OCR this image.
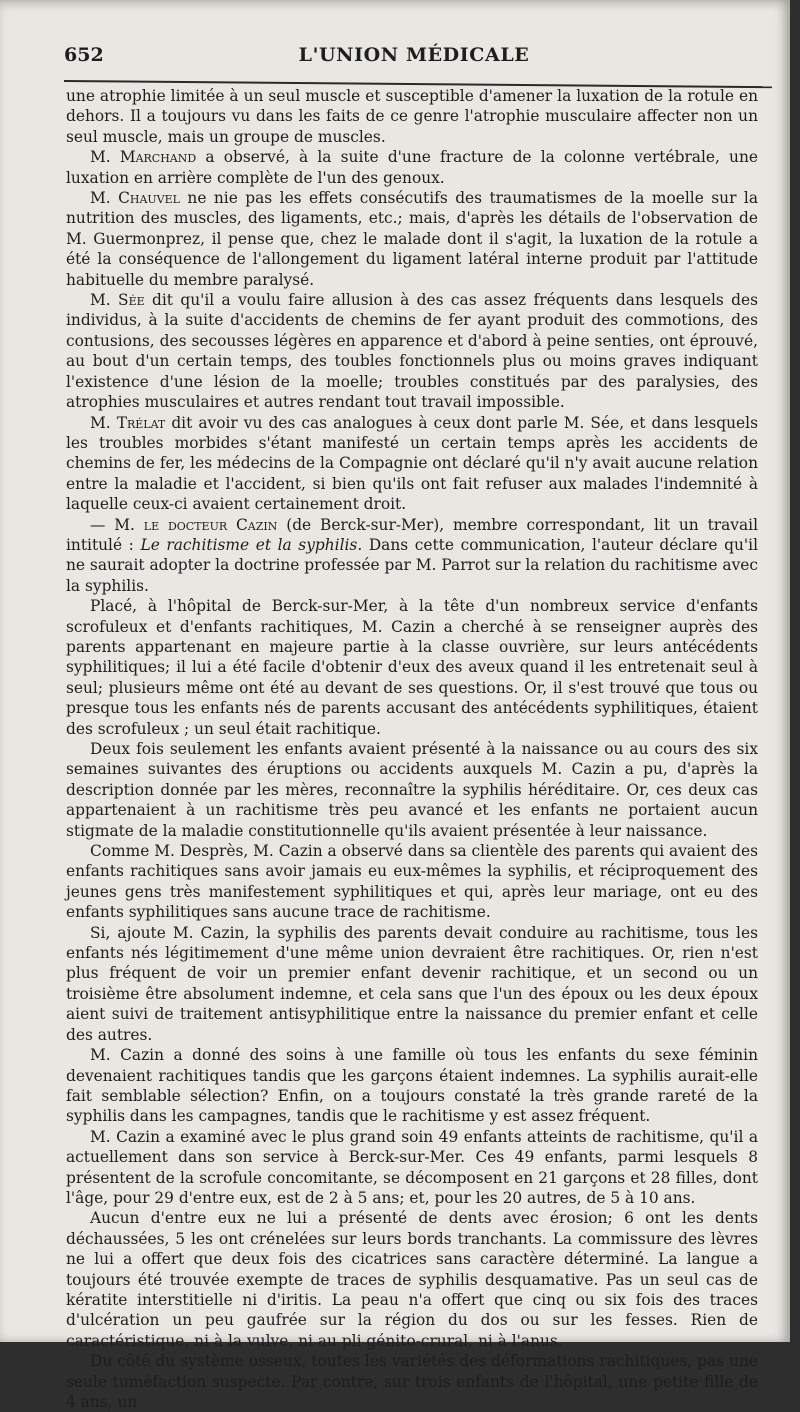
652	L'UNION MÉDICALE

une atrophie limitée à un seul muscle et susceptible d'amener la luxation de la rotule en dehors. Il a toujours vu dans les faits de ce genre l'atrophie musculaire affecter non un seul muscle, mais un groupe de muscles.

M. Marchand a observé, à la suite d'une fracture de la colonne vertébrale, une luxation en arrière complète de l'un des genoux.

M. Chauvel ne nie pas les effets consécutifs des traumatismes de la moelle sur la nutrition des muscles, des ligaments, etc.; mais, d'après les détails de l'observation de M. Guermonprez, il pense que, chez le malade dont il s'agit, la luxation de la rotule a été la conséquence de l'allongement du ligament latéral interne produit par l'attitude habituelle du membre paralysé.

M. Sée dit qu'il a voulu faire allusion à des cas assez fréquents dans lesquels des individus, à la suite d'accidents de chemins de fer ayant produit des commotions, des contusions, des secousses légères en apparence et d'abord à peine senties, ont éprouvé, au bout d'un certain temps, des toubles fonctionnels plus ou moins graves indiquant l'existence d'une lésion de la moelle; troubles constitués par des paralysies, des atrophies musculaires et autres rendant tout travail impossible.

M. Trélat dit avoir vu des cas analogues à ceux dont parle M. Sée, et dans lesquels les troubles morbides s'étant manifesté un certain temps après les accidents de chemins de fer, les médecins de la Compagnie ont déclaré qu'il n'y avait aucune relation entre la maladie et l'accident, si bien qu'ils ont fait refuser aux malades l'indemnité à laquelle ceux-ci avaient certainement droit.

— M. le docteur Cazin (de Berck-sur-Mer), membre correspondant, lit un travail intitulé : Le rachitisme et la syphilis. Dans cette communication, l'auteur déclare qu'il ne saurait adopter la doctrine professée par M. Parrot sur la relation du rachitisme avec la syphilis.

Placé, à l'hôpital de Berck-sur-Mer, à la tête d'un nombreux service d'enfants scrofuleux et d'enfants rachitiques, M. Cazin a cherché à se renseigner auprès des parents appartenant en majeure partie à la classe ouvrière, sur leurs antécédents syphilitiques; il lui a été facile d'obtenir d'eux des aveux quand il les entretenait seul à seul; plusieurs même ont été au devant de ses questions. Or, il s'est trouvé que tous ou presque tous les enfants nés de parents accusant des antécédents syphilitiques, étaient des scrofuleux ; un seul était rachitique.

Deux fois seulement les enfants avaient présenté à la naissance ou au cours des six semaines suivantes des éruptions ou accidents auxquels M. Cazin a pu, d'après la description donnée par les mères, reconnaître la syphilis héréditaire. Or, ces deux cas appartenaient à un rachitisme très peu avancé et les enfants ne portaient aucun stigmate de la maladie constitutionnelle qu'ils avaient présentée à leur naissance.

Comme M. Desprès, M. Cazin a observé dans sa clientèle des parents qui avaient des enfants rachitiques sans avoir jamais eu eux-mêmes la syphilis, et réciproquement des jeunes gens très manifestement syphilitiques et qui, après leur mariage, ont eu des enfants syphilitiques sans aucune trace de rachitisme.

Si, ajoute M. Cazin, la syphilis des parents devait conduire au rachitisme, tous les enfants nés légitimement d'une même union devraient être rachitiques. Or, rien n'est plus fréquent de voir un premier enfant devenir rachitique, et un second ou un troisième être absolument indemne, et cela sans que l'un des époux ou les deux époux aient suivi de traitement antisyphilitique entre la naissance du premier enfant et celle des autres.

M. Cazin a donné des soins à une famille où tous les enfants du sexe féminin devenaient rachitiques tandis que les garçons étaient indemnes. La syphilis aurait-elle fait semblable sélection? Enfin, on a toujours constaté la très grande rareté de la syphilis dans les campagnes, tandis que le rachitisme y est assez fréquent.

M. Cazin a examiné avec le plus grand soin 49 enfants atteints de rachitisme, qu'il a actuellement dans son service à Berck-sur-Mer. Ces 49 enfants, parmi lesquels 8 présentent de la scrofule concomitante, se décomposent en 21 garçons et 28 filles, dont l'âge, pour 29 d'entre eux, est de 2 à 5 ans; et, pour les 20 autres, de 5 à 10 ans.

Aucun d'entre eux ne lui a présenté de dents avec érosion; 6 ont les dents déchaussées, 5 les ont crénelées sur leurs bords tranchants. La commissure des lèvres ne lui a offert que deux fois des cicatrices sans caractère déterminé. La langue a toujours été trouvée exempte de traces de syphilis desquamative. Pas un seul cas de kératite interstitielle ni d'iritis. La peau n'a offert que cinq ou six fois des traces d'ulcération un peu gaufrée sur la région du dos ou sur les fesses. Rien de caractéristique, ni à la vulve, ni au pli génito-crural, ni à l'anus.

Du côté du système osseux, toutes les variétés des déformations rachitiques, pas une seule tuméfaction suspecte. Par contre, sur trois enfants de l'hôpital, une petite fille de 4 ans, un
